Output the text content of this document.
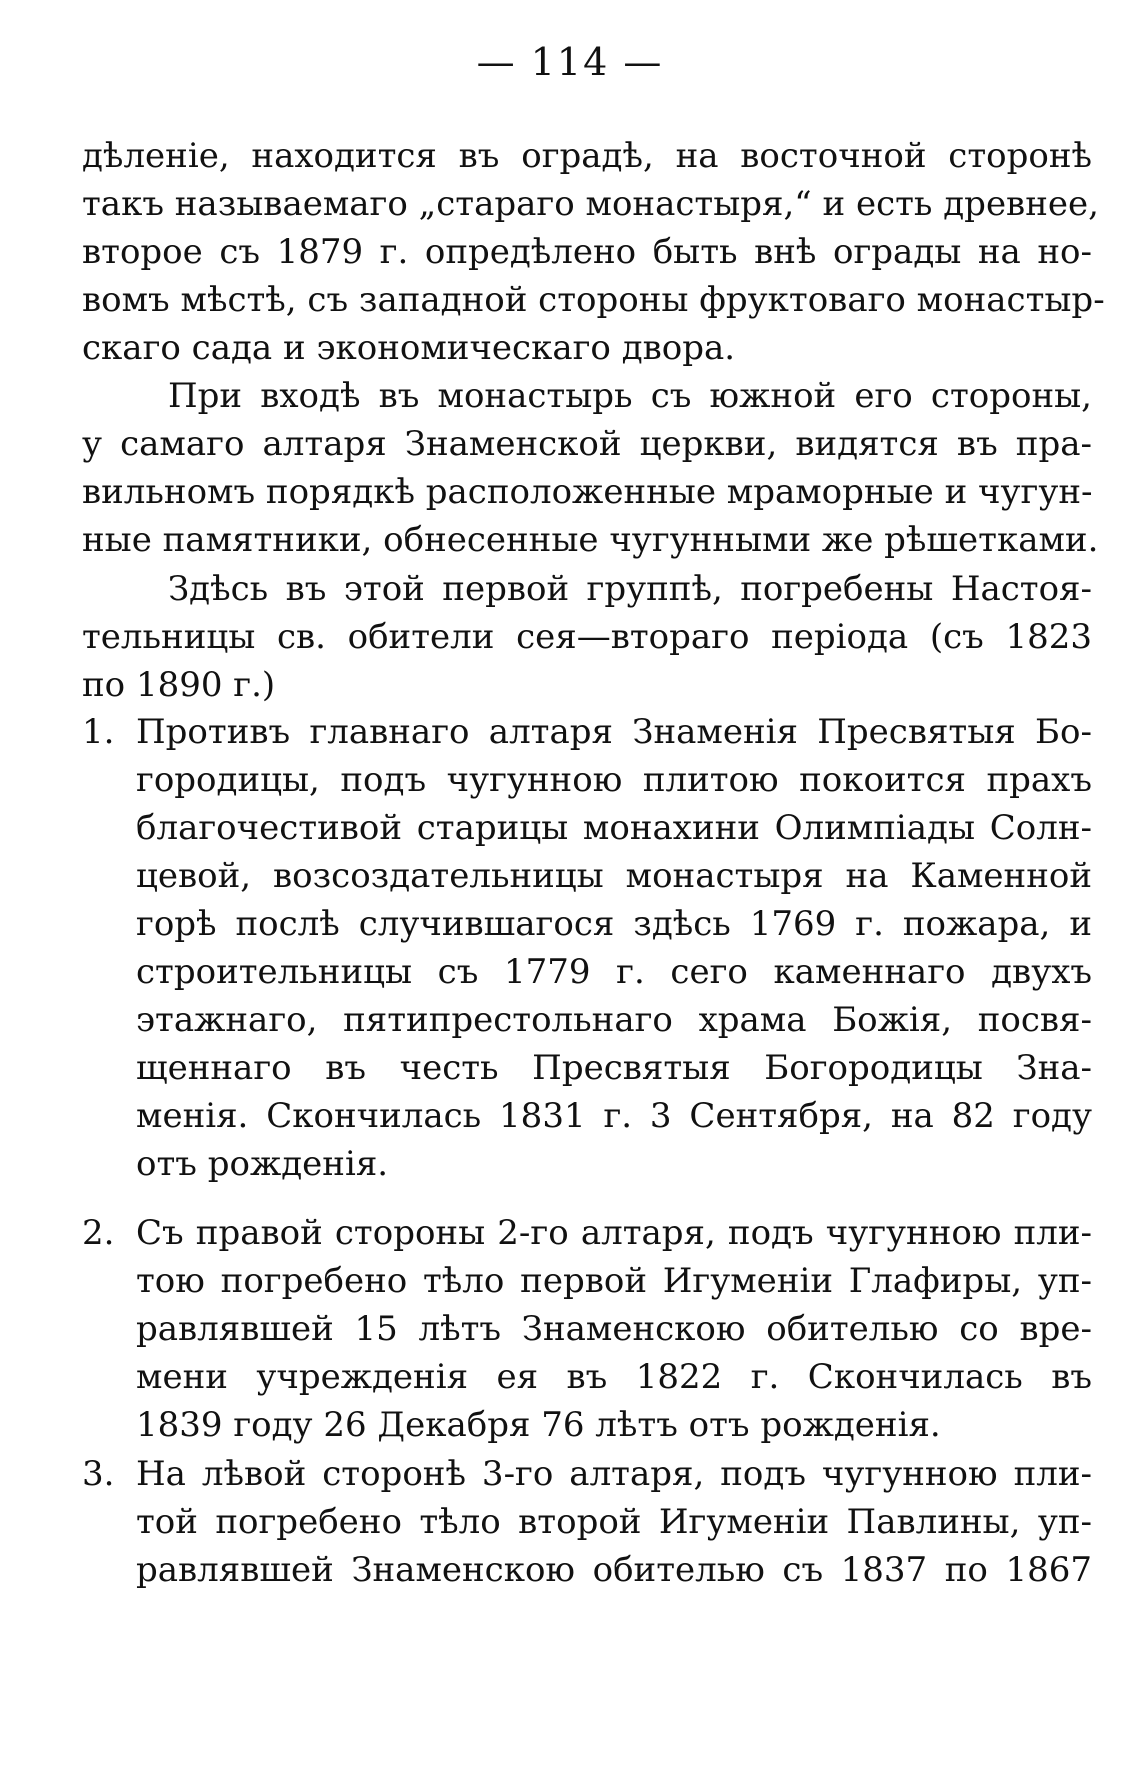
— 114 —
дѣленіе, находится въ оградѣ, на восточной сторонѣ
такъ называемаго „стараго монастыря,“ и есть древнее,
второе съ 1879 г. опредѣлено быть внѣ ограды на но-
вомъ мѣстѣ, съ западной стороны фруктоваго монастыр-
скаго сада и экономическаго двора.
При входѣ въ монастырь съ южной его стороны,
у самаго алтаря Знаменской церкви, видятся въ пра-
вильномъ порядкѣ расположенные мраморные и чугун-
ные памятники, обнесенные чугунными же рѣшетками.
Здѣсь въ этой первой группѣ, погребены Настоя-
тельницы св. обители сея—втораго періода (съ 1823
по 1890 г.)
1. Противъ главнаго алтаря Знаменія Пресвятыя Бо-
городицы, подъ чугунною плитою покоится прахъ
благочестивой старицы монахини Олимпіады Солн-
цевой, возсоздательницы монастыря на Каменной
горѣ послѣ случившагося здѣсь 1769 г. пожара, и
строительницы съ 1779 г. сего каменнаго двухъ
этажнаго, пятипрестольнаго храма Божія, посвя-
щеннаго въ честь Пресвятыя Богородицы Зна-
менія. Скончилась 1831 г. 3 Сентября, на 82 году
отъ рожденія.
2. Съ правой стороны 2-го алтаря, подъ чугунною пли-
тою погребено тѣло первой Игуменіи Глафиры, уп-
равлявшей 15 лѣтъ Знаменскою обителью со вре-
мени учрежденія ея въ 1822 г. Скончилась въ
1839 году 26 Декабря 76 лѣтъ отъ рожденія.
3. На лѣвой сторонѣ 3-го алтаря, подъ чугунною пли-
той погребено тѣло второй Игуменіи Павлины, уп-
равлявшей Знаменскою обителью съ 1837 по 1867
